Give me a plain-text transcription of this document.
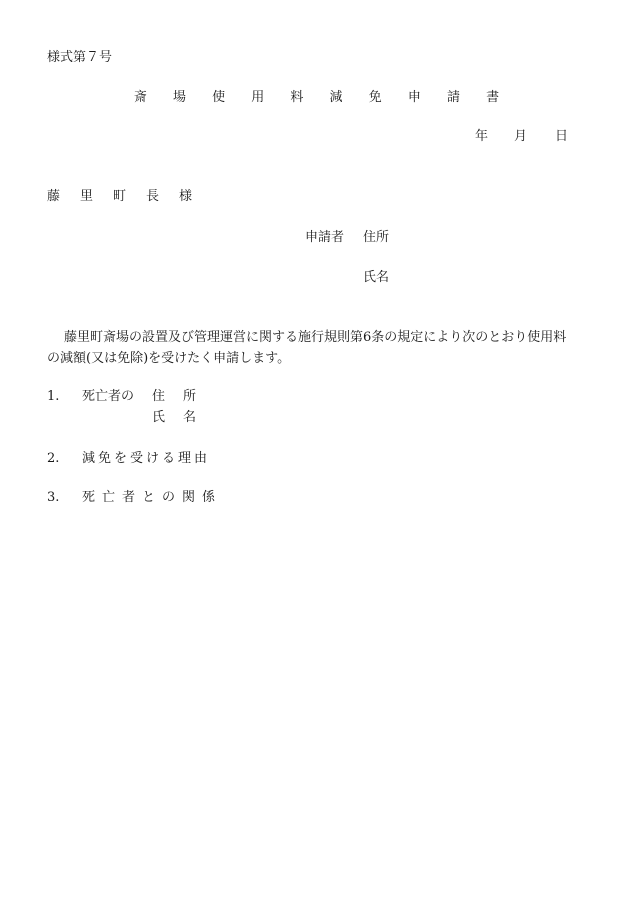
様式第７号
斎 場 使 用 料 減 免 申 請 書
年 月 日
藤里町長様
申請者 住所
氏名
藤里町斎場の設置及び管理運営に関する施行規則第6条の規定により次のとおり使用料の減額(又は免除)を受けたく申請します。
1. 死亡者の 住所
氏名
2. 減免を受ける理由
3. 死亡者との関係
